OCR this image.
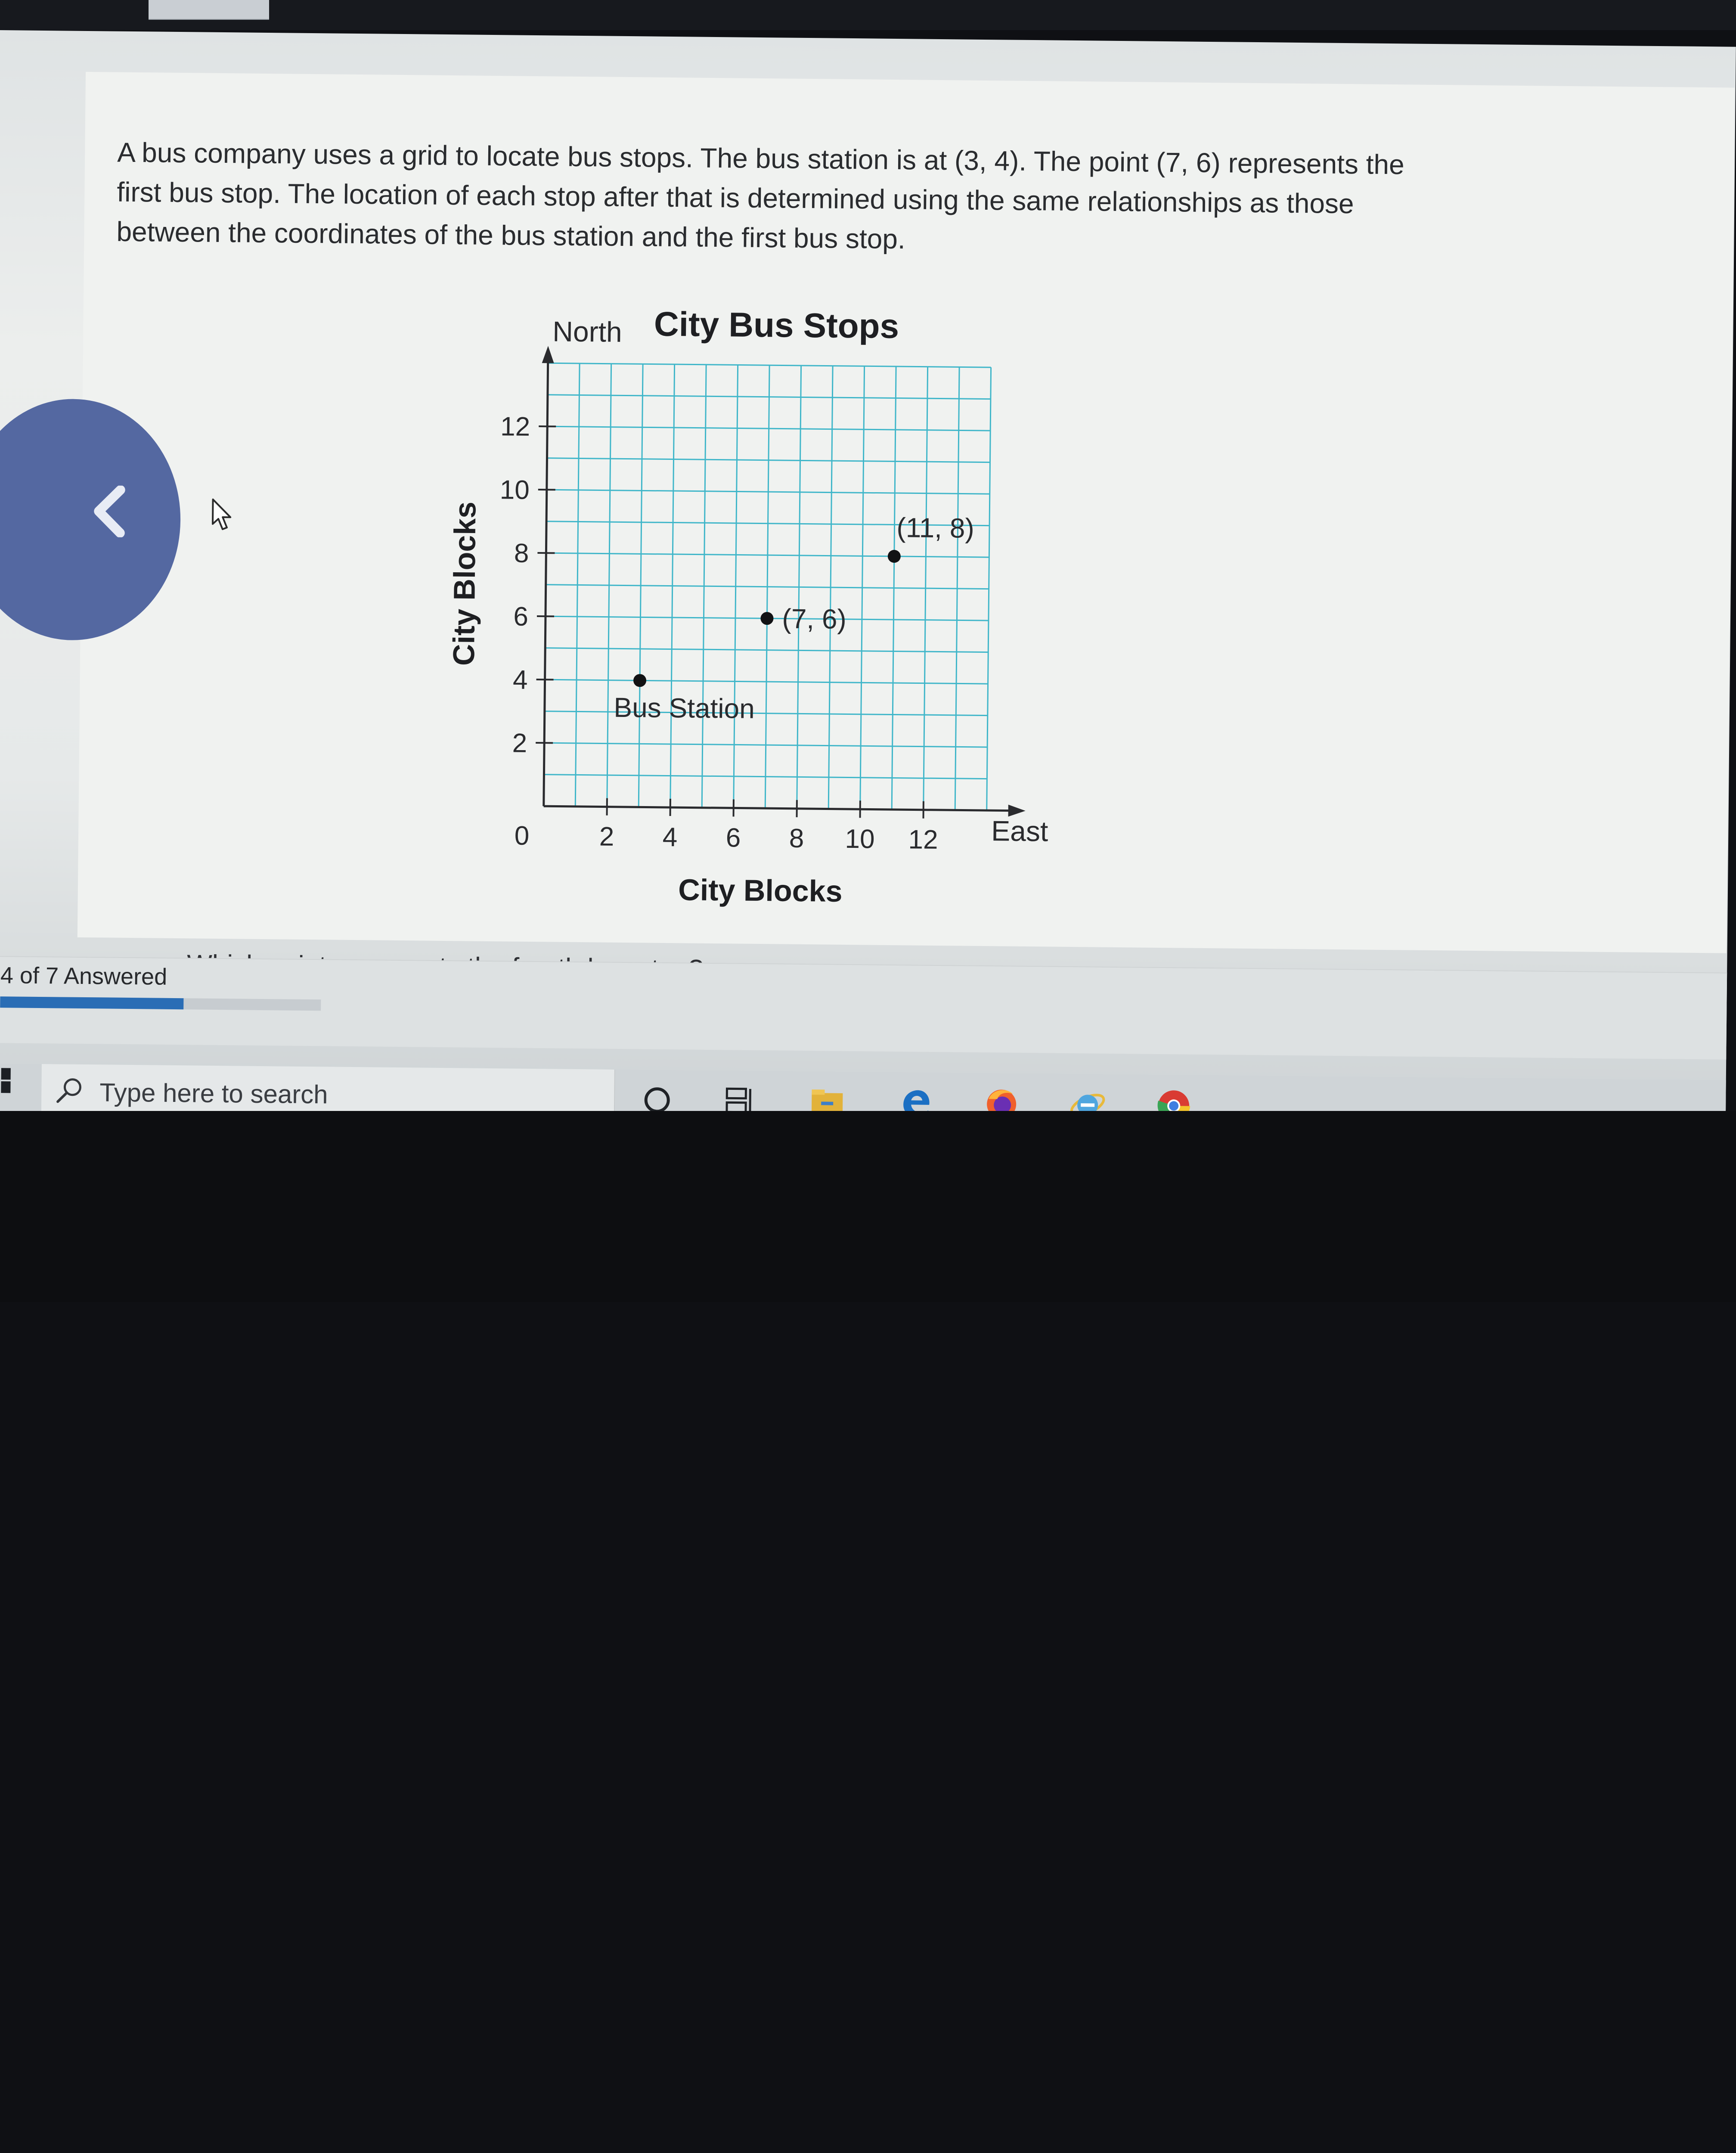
A bus company uses a grid to locate bus stops. The bus station is at (3, 4). The point (7, 6) represents the

first bus stop. The location of each stop after that is determined using the same relationships as those

between the coordinates of the bus station and the first bus stop.

2 4 6 8 10 12
2
4
6
8
10
12
Bus Station
(7, 6)
(11, 8)
City Bus Stops
North
East
City Blocks
City Blocks
0
4 of 7 Answered
Type here to search
